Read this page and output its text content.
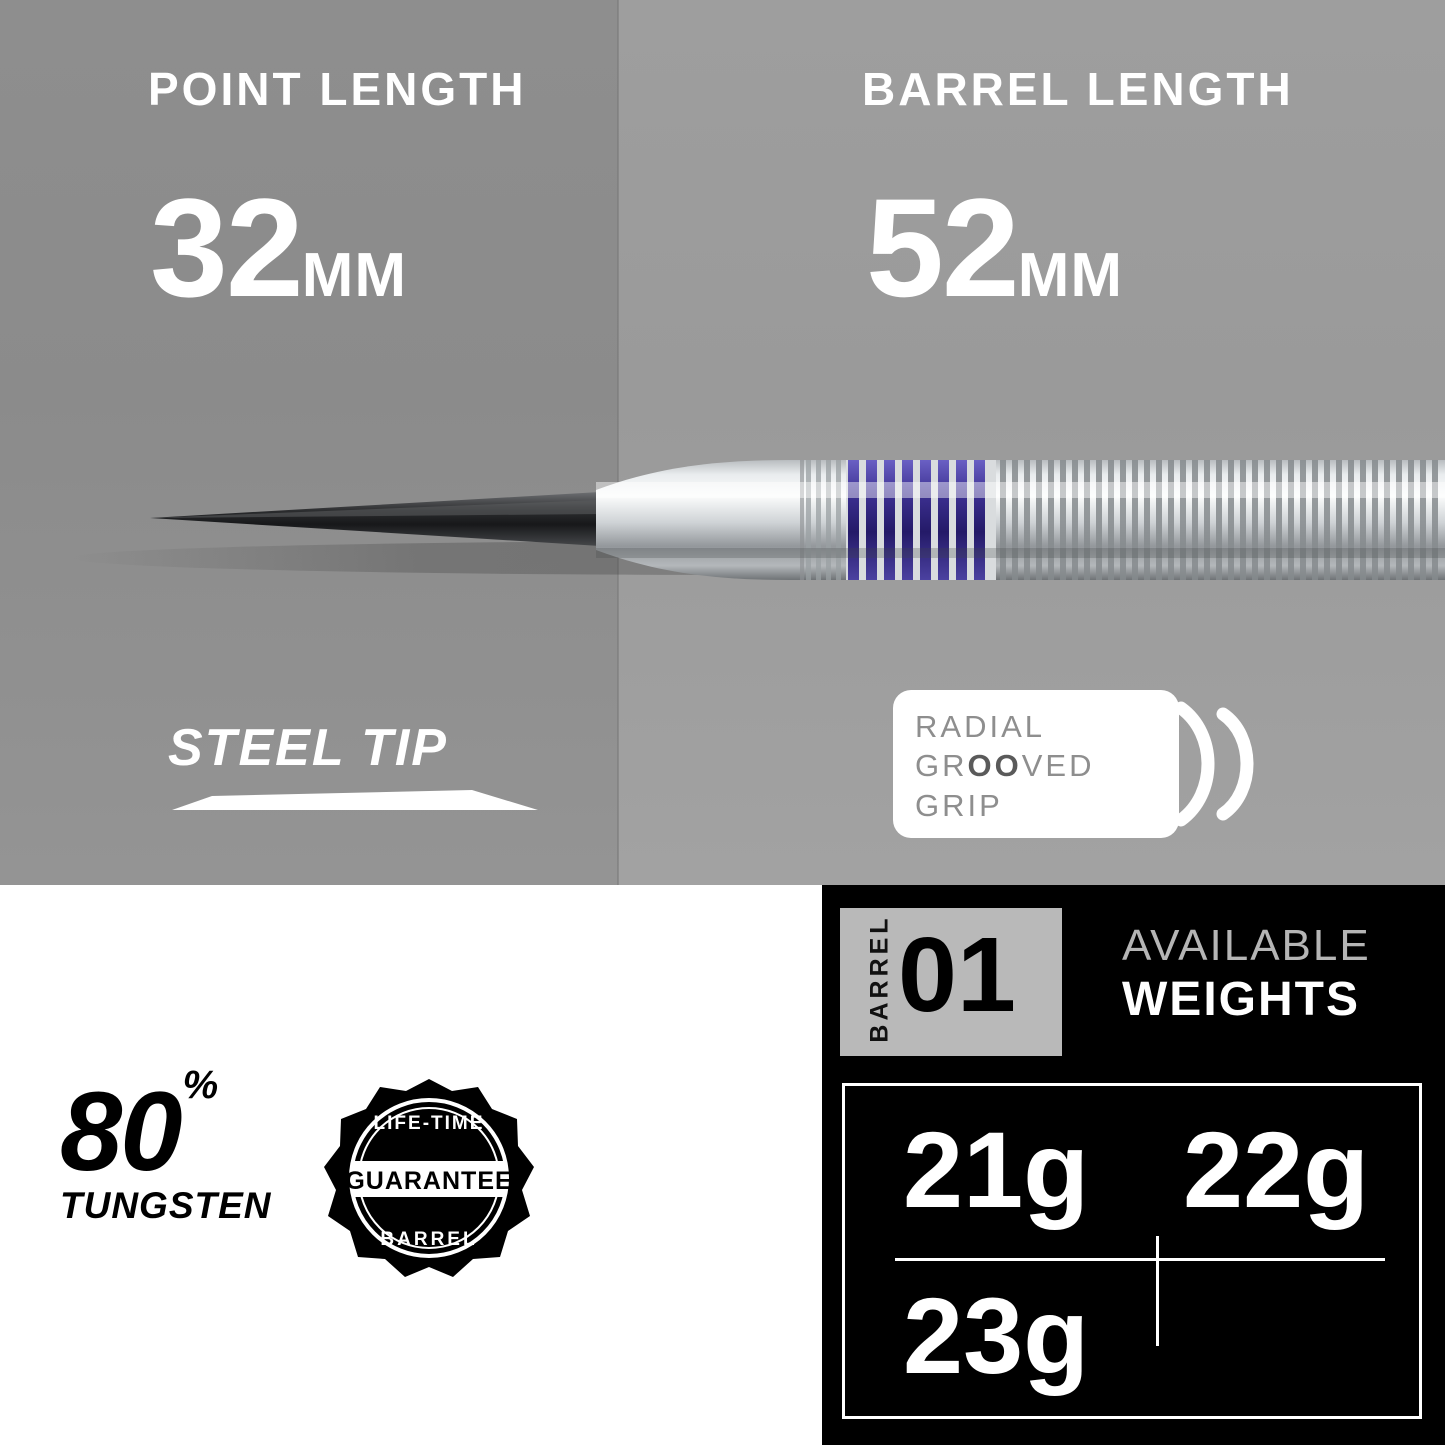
POINT LENGTH	BARREL LENGTH
32MM	52MM
STEEL TIP	RADIAL
GROOVED
GRIP
80%
TUNGSTEN
GUARANTEE
LIFE-TIME
BARREL
BARREL 01 AVAILABLE
WEIGHTS
21g 22g
23g
